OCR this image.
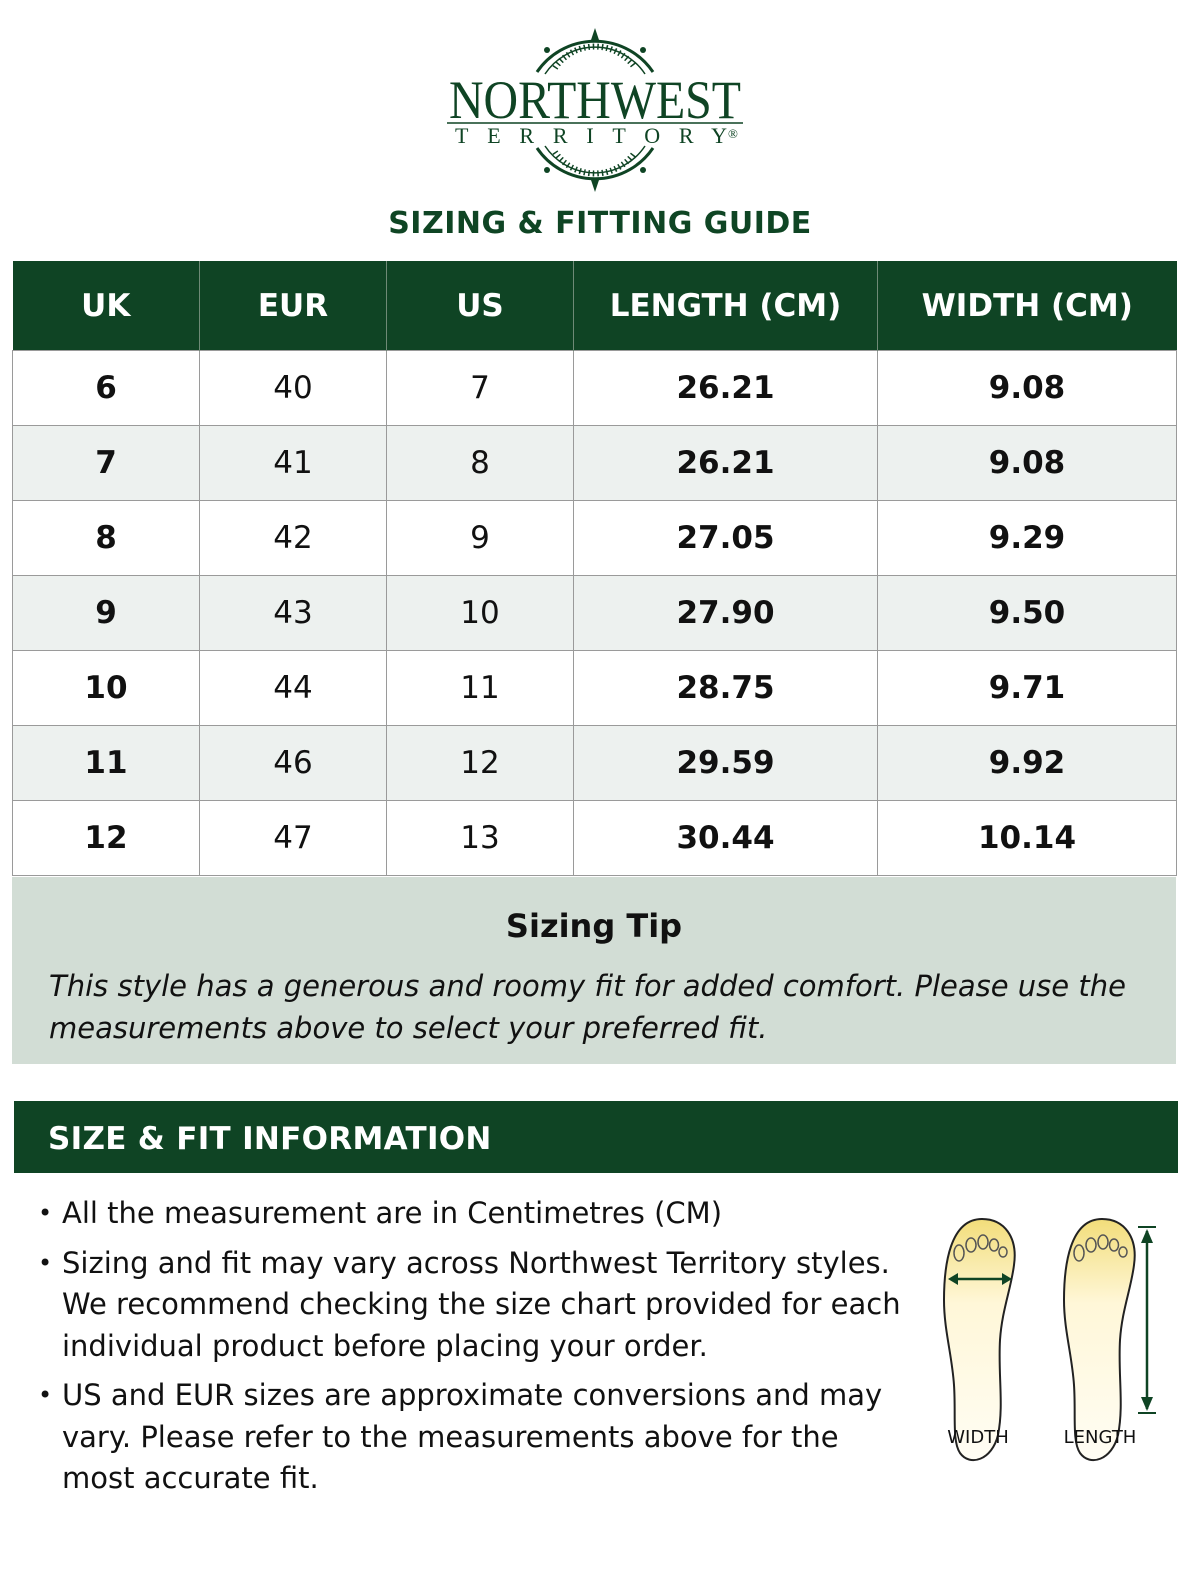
NORTHWEST
TERRITORY ®
SIZING & FITTING GUIDE
UK	EUR	US	LENGTH (CM)	WIDTH (CM)
6	40	7	26.21	9.08
7	41	8	26.21	9.08
8	42	9	27.05	9.29
9	43	10	27.90	9.50
10	44	11	28.75	9.71
11	46	12	29.59	9.92
12	47	13	30.44	10.14
Sizing Tip
This style has a generous and roomy fit for added comfort. Please use the measurements above to select your preferred fit.
SIZE & FIT INFORMATION
• All the measurement are in Centimetres (CM)
• Sizing and fit may vary across Northwest Territory styles. We recommend checking the size chart provided for each individual product before placing your order.
• US and EUR sizes are approximate conversions and may vary. Please refer to the measurements above for the most accurate fit.
WIDTH	LENGTH
